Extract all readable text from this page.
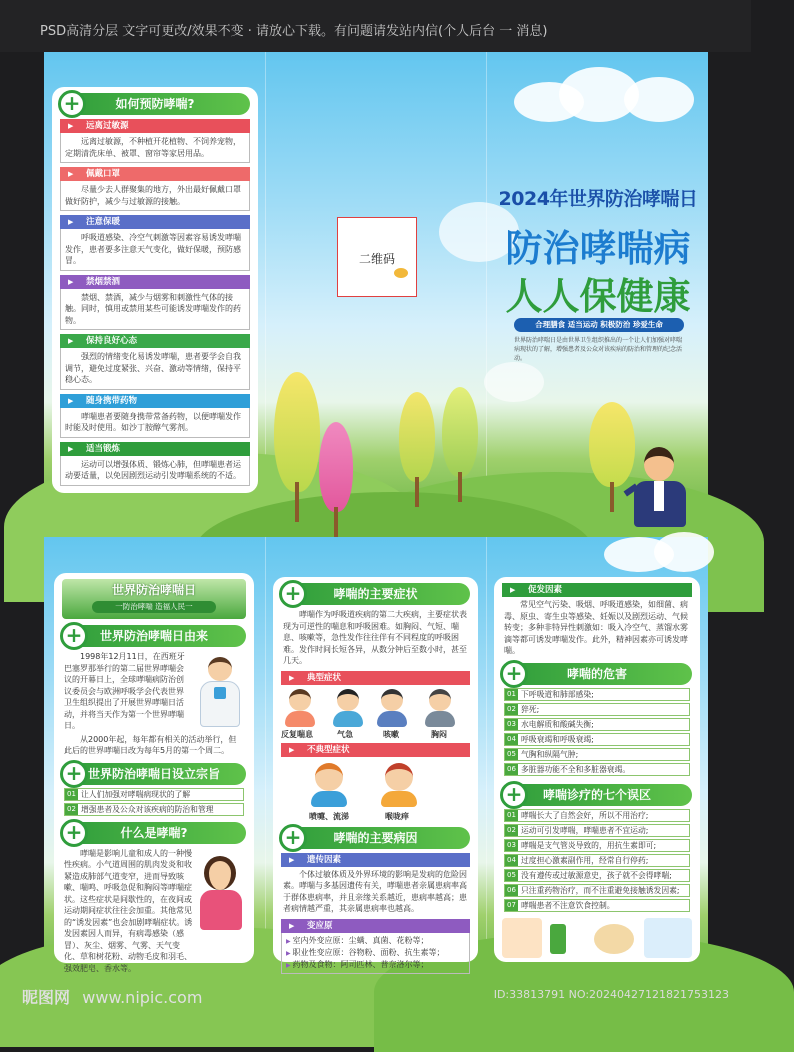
PSD高清分层 文字可更改/效果不变 · 请放心下载。有问题请发站内信(个人后台 一 消息)
二维码
2024年世界防治哮喘日
防治哮喘病
人人保健康
合理膳食 适当运动 积极防治 珍爱生命
世界防治哮喘日是由世界卫生组织推出的一个让人们加强对哮喘病现状的了解，增强患者及公众对该疾病的防治和管理的纪念活动。
+	如何预防哮喘?
▶ 远离过敏源
远离过敏源，不种植开花植物、不饲养宠物，定期清洗床单、被罩、窗帘等家居用品。
▶ 佩戴口罩
尽量少去人群聚集的地方，外出最好佩戴口罩做好防护，减少与过敏源的接触。
▶ 注意保暖
呼吸道感染、冷空气刺激等因素容易诱发哮喘发作，患者要多注意天气变化，做好保暖，预防感冒。
▶ 禁烟禁酒
禁烟、禁酒，减少与烟雾和刺激性气体的接触。同时，慎用或禁用某些可能诱发哮喘发作的药物。
▶ 保持良好心态
强烈的情绪变化易诱发哮喘，患者要学会自我调节，避免过度紧张、兴奋、激动等情绪，保持平稳心态。
▶ 随身携带药物
哮喘患者要随身携带常备药物，以便哮喘发作时能及时使用。如沙丁胺醇气雾剂。
▶ 适当锻炼
运动可以增强体质、锻炼心肺，但哮喘患者运动要适量，以免因剧烈运动引发哮喘系统的不适。
世界防治哮喘日
一防治哮喘 造福人民一
+	世界防治哮喘日由来
1998年12月11日，在西班牙巴塞罗那举行的第二届世界哮喘会议的开幕日上，全球哮喘病防治创议委员会与欧洲呼吸学会代表世界卫生组织提出了开展世界哮喘日活动，并将当天作为第一个世界哮喘日。
从2000年起，每年都有相关的活动举行，但此后的世界哮喘日改为每年5月的第一个周二。
+ 世界防治哮喘日设立宗旨
01 让人们加强对哮喘病现状的了解
02 增强患者及公众对该疾病的防治和管理
+	什么是哮喘?
哮喘是影响儿童和成人的一种慢性疾病。小气道周围的肌肉发炎和收紧造成肺部气道变窄，进而导致咳嗽、喘鸣、呼吸急促和胸闷等哮喘症状。这些症状是间歇性的，在夜间或运动期间症状往往会加重。其他常见的“诱发因素”也会加剧哮喘症状。诱发因素因人而异，有病毒感染（感冒）、灰尘、烟雾、气雾、天气变化、草和树花粉、动物毛皮和羽毛、强效肥皂、香水等。
+	哮喘的主要症状
哮喘作为呼吸道疾病的第二大疾病，主要症状表现为可逆性的喘息和呼吸困难。如胸闷、气短、喘息、咳嗽等，急性发作往往伴有不同程度的呼吸困难。发作时间长短各异，从数分钟后至数小时，甚至几天。
▶ 典型症状
反复喘息	气急	咳嗽	胸闷
▶ 不典型症状
喷嚏、流涕	喉咙痒
+	哮喘的主要病因
▶ 遗传因素
个体过敏体质及外界环境的影响是发病的危险因素。哮喘与多基因遗传有关，哮喘患者亲属患病率高于群体患病率，并且亲缘关系越近，患病率越高；患者病情越严重，其亲属患病率也越高。
▶ 变应原
▶ 室内外变应原：尘螨、真菌、花粉等；
▶ 职业性变应原：谷物粉、面粉、抗生素等；
▶ 药物及食物：阿司匹林、普奈洛尔等；
▶ 促发因素
常见空气污染、吸烟、呼吸道感染，如细菌、病毒、原虫、寄生虫等感染、妊娠以及剧烈运动、气候转变；多种非特异性刺激如：吸入冷空气、蒸馏水雾滴等都可诱发哮喘发作。此外，精神因素亦可诱发哮喘。
+	哮喘的危害
01 下呼吸道和肺部感染;
02 猝死;
03 水电解质和酸碱失衡;
04 呼吸衰竭和呼吸衰竭;
05 气胸和纵隔气肿;
06 多脏器功能不全和多脏器衰竭。
+	哮喘诊疗的七个误区
01 哮喘长大了自然会好，所以不用治疗;
02 运动可引发哮喘，哮喘患者不宜运动;
03 哮喘是支气管炎导致的，用抗生素即可;
04 过度担心激素副作用，经常自行停药;
05 没有遵传或过敏源意史，孩子就不会得哮喘;
06 只注重药物治疗，而不注重避免接触诱发因素;
07 哮喘患者不注意饮食控制。
昵图网 www.nipic.com	ID:33813791 NO:20240427121821753123
